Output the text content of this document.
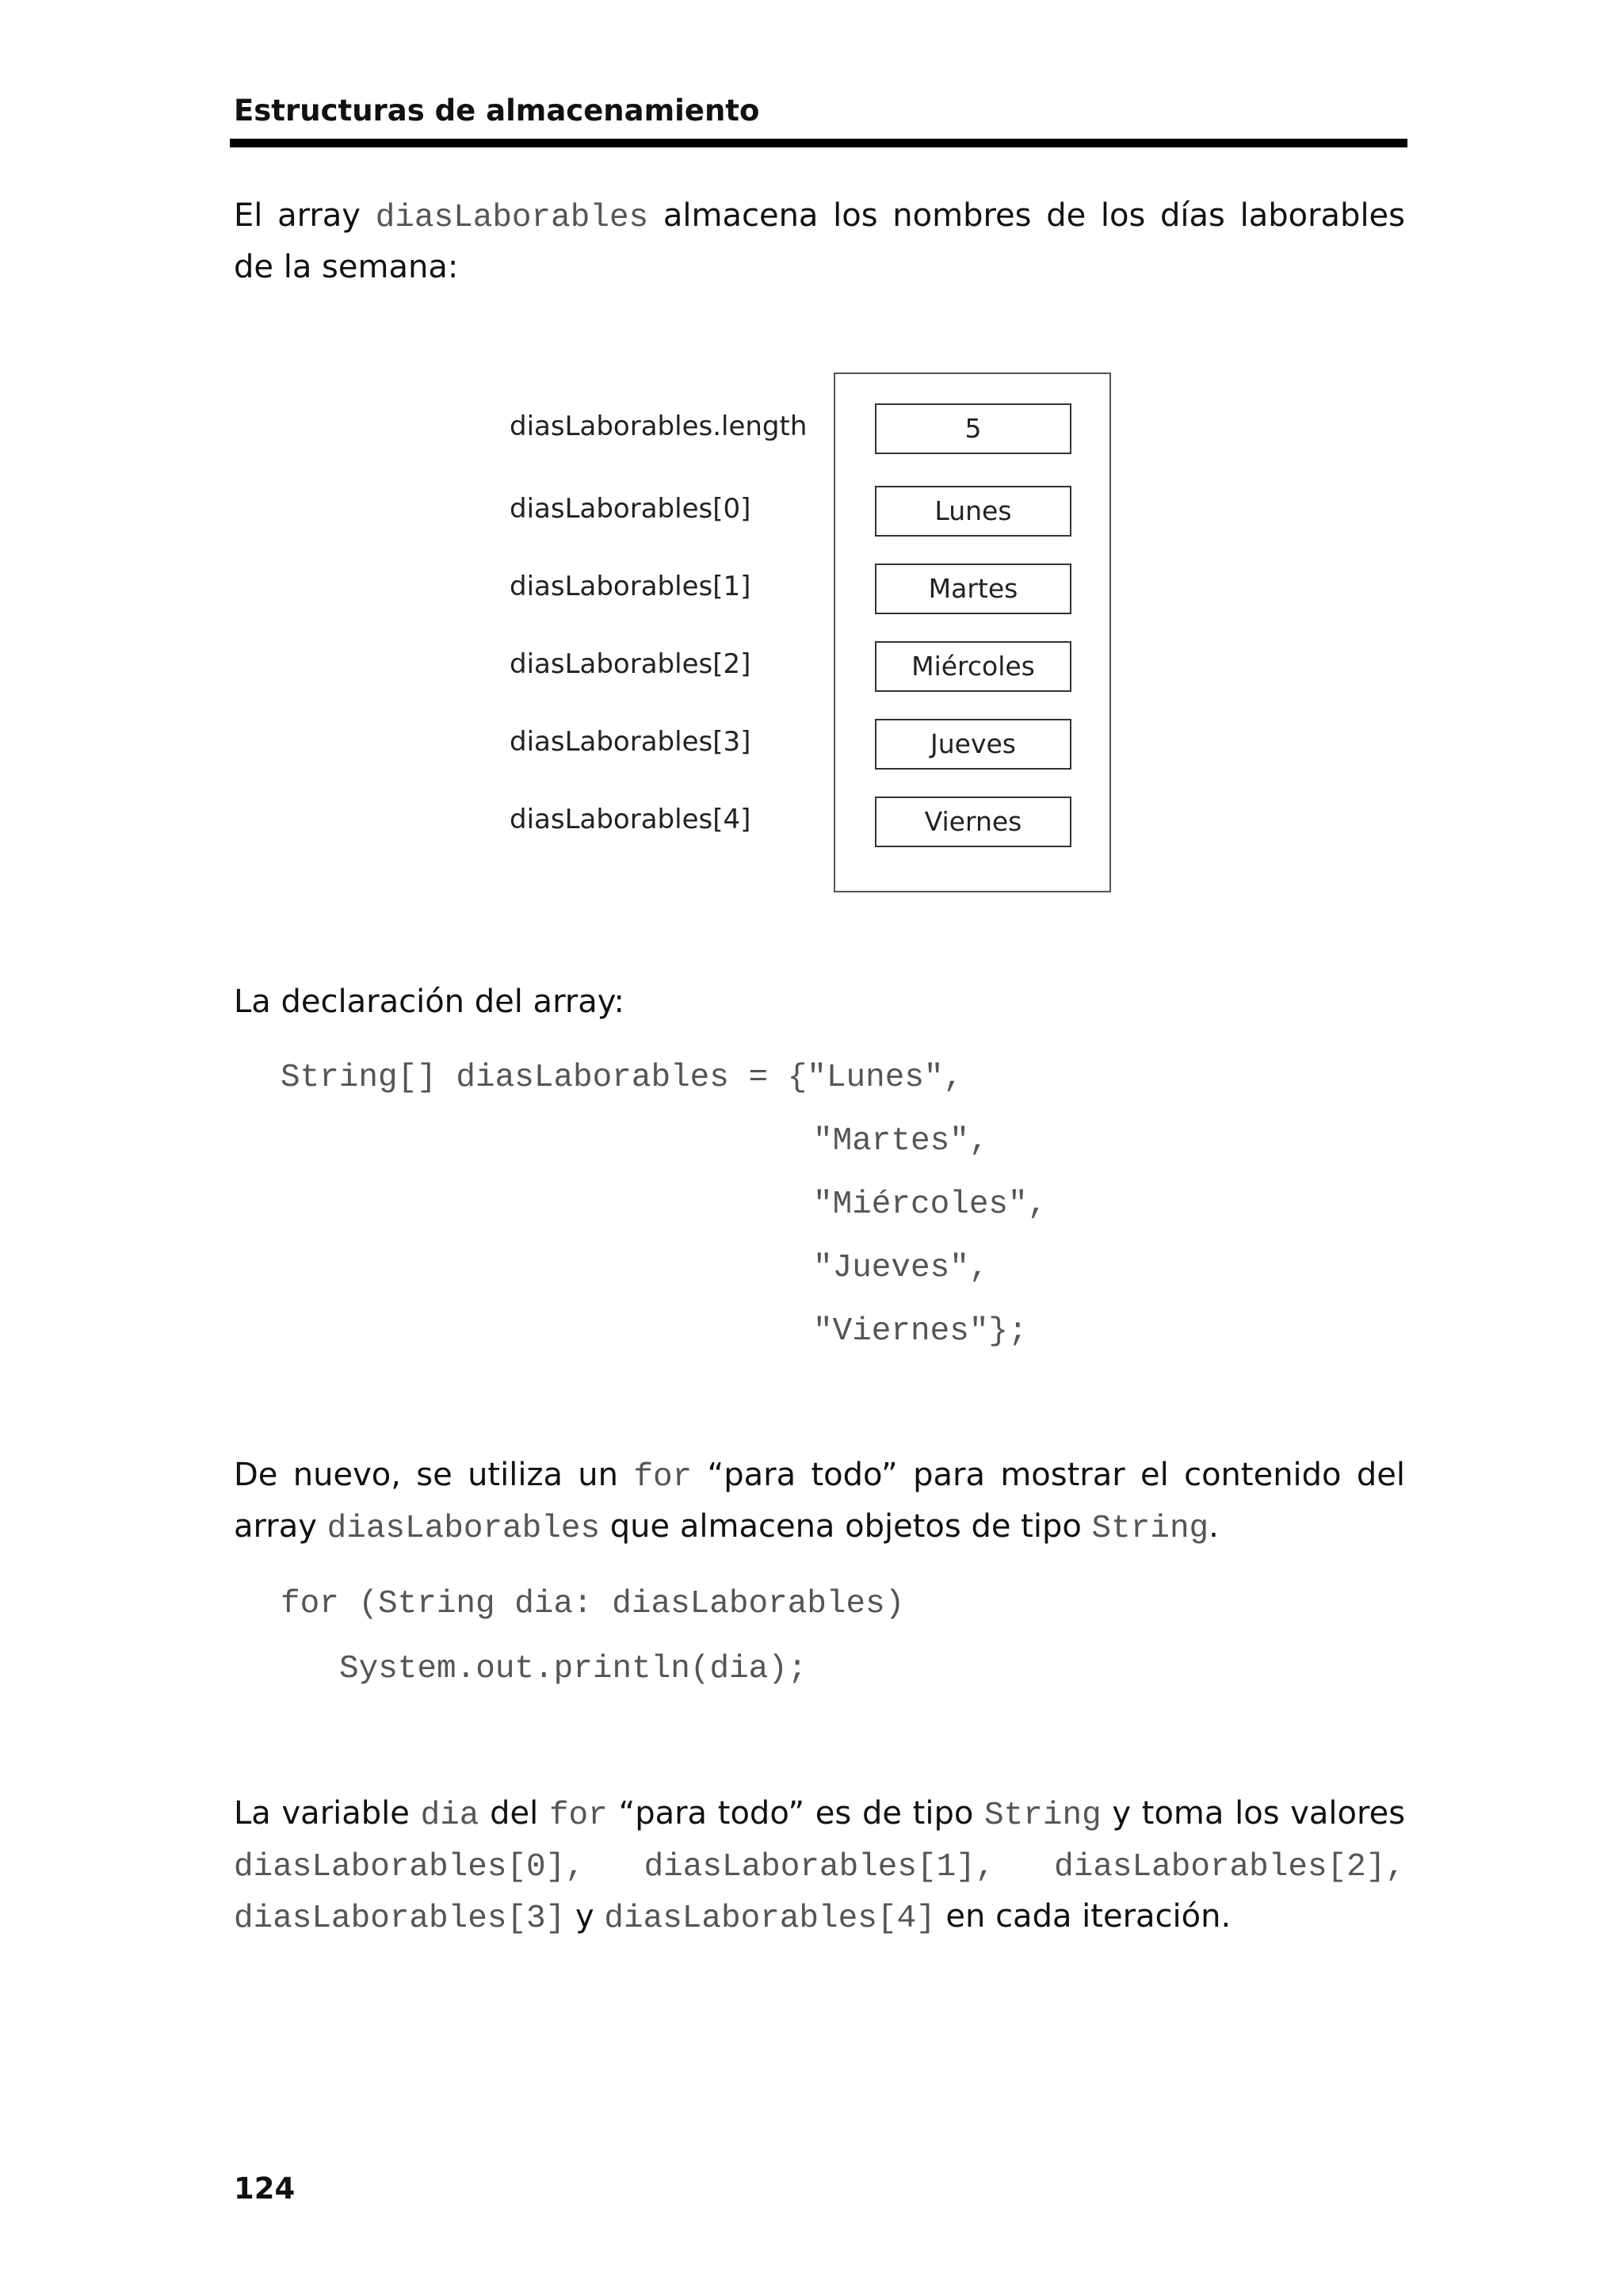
Estructuras de almacenamiento
El array diasLaborables almacena los nombres de los días laborables de la semana:
diasLaborables.length	5
diasLaborables[0]	Lunes
diasLaborables[1]	Martes
diasLaborables[2]	Miércoles
diasLaborables[3]	Jueves
diasLaborables[4]	Viernes
La declaración del array:
String[] diasLaborables = {"Lunes",
"Martes",
"Miércoles",
"Jueves",
"Viernes"};
De nuevo, se utiliza un for “para todo” para mostrar el contenido del array diasLaborables que almacena objetos de tipo String.
for (String dia: diasLaborables)
System.out.println(dia);
La variable dia del for “para todo” es de tipo String y toma los valores diasLaborables[0], diasLaborables[1], diasLaborables[2], diasLaborables[3] y diasLaborables[4] en cada iteración.
124
